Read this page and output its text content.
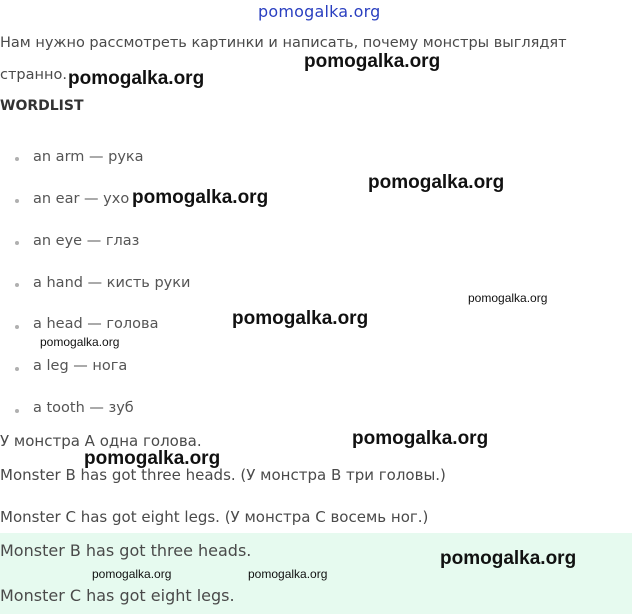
pomogalka.org
Нам нужно рассмотреть картинки и написать, почему монстры выглядят
странно.
WORDLIST
an arm — рука
an ear — ухо
an eye — глаз
a hand — кисть руки
a head — голова
a leg — нога
a tooth — зуб
У монстра А одна голова.
Monster B has got three heads. (У монстра B три головы.)
Monster C has got eight legs. (У монстра C восемь ног.)
Monster B has got three heads.
Monster C has got eight legs.
pomogalka.org
pomogalka.org
pomogalka.org
pomogalka.org
pomogalka.org
pomogalka.org
pomogalka.org
pomogalka.org
pomogalka.org
pomogalka.org
pomogalka.org	pomogalka.org
